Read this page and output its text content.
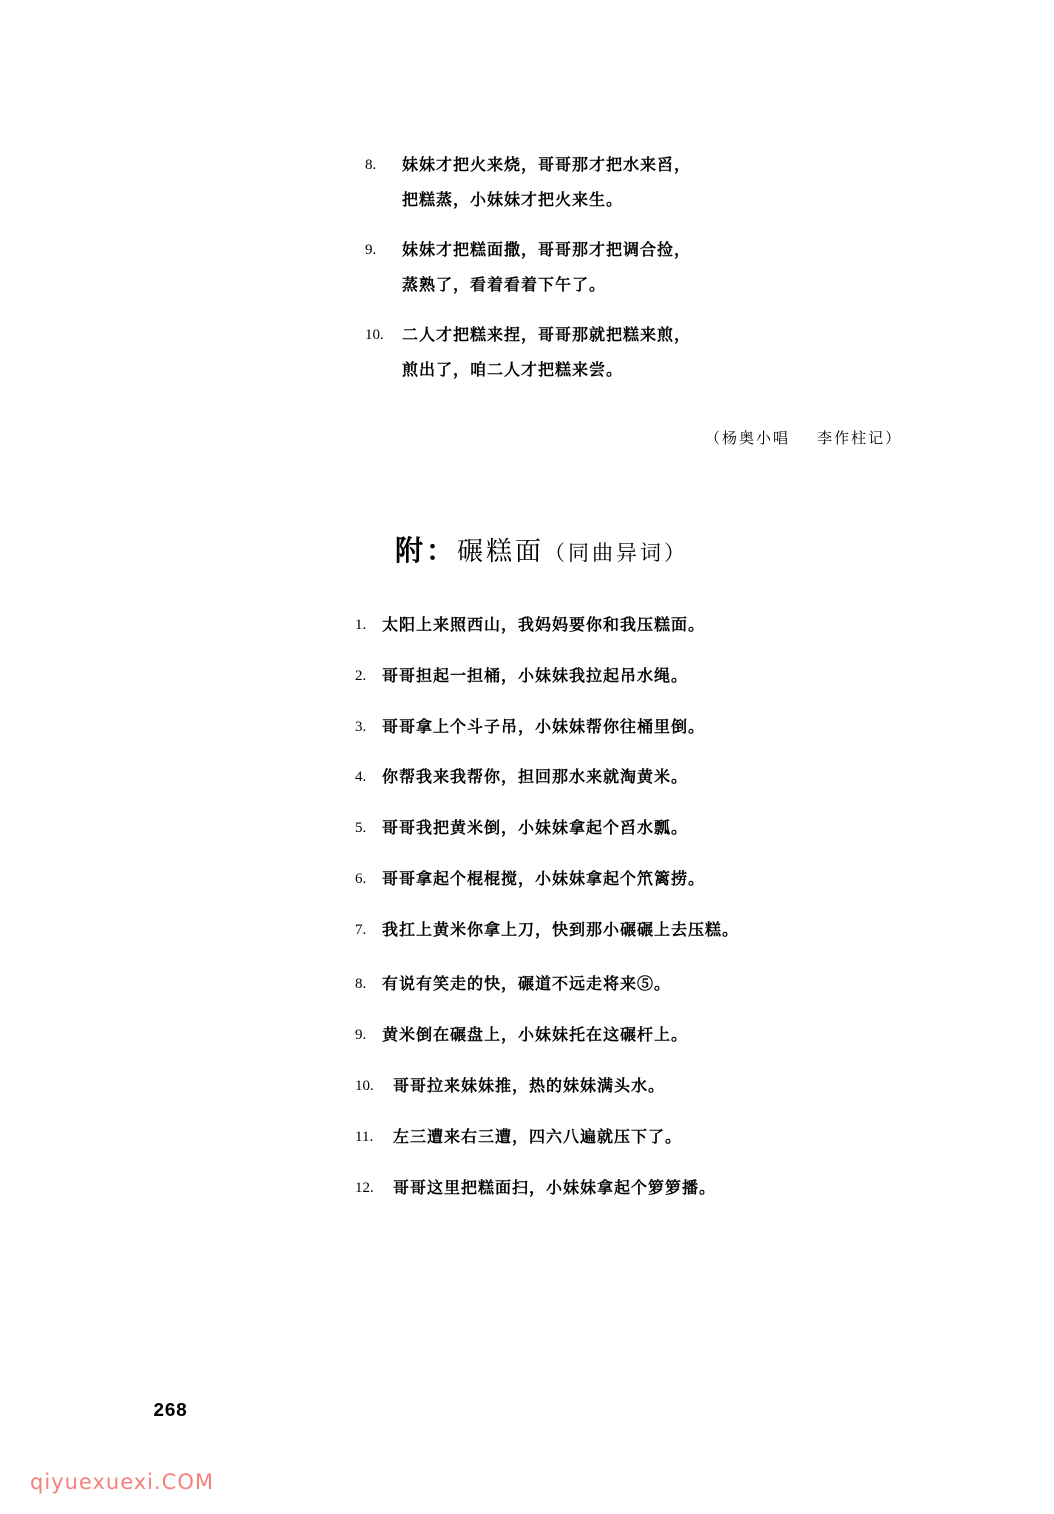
8. 妹妹才把火来烧，哥哥那才把水来舀，
把糕蒸，小妹妹才把火来生。
9. 妹妹才把糕面撒，哥哥那才把调合捡，
蒸熟了，看着看着下午了。
10. 二人才把糕来捏，哥哥那就把糕来煎，
煎出了，咱二人才把糕来尝。
（杨奥小唱    李作柱记）
附：碾糕面（同曲异词）
1. 太阳上来照西山，我妈妈要你和我压糕面。
2. 哥哥担起一担桶，小妹妹我拉起吊水绳。
3. 哥哥拿上个斗子吊，小妹妹帮你往桶里倒。
4. 你帮我来我帮你，担回那水来就淘黄米。
5. 哥哥我把黄米倒，小妹妹拿起个舀水瓢。
6. 哥哥拿起个棍棍搅，小妹妹拿起个笊篱捞。
7. 我扛上黄米你拿上刀，快到那小碾碾上去压糕。
8. 有说有笑走的快，碾道不远走将来⑤。
9. 黄米倒在碾盘上，小妹妹托在这碾杆上。
10. 哥哥拉来妹妹推，热的妹妹满头水。
11. 左三遭来右三遭，四六八遍就压下了。
12. 哥哥这里把糕面扫，小妹妹拿起个箩箩播。
268
qiyuexuexi.COM
